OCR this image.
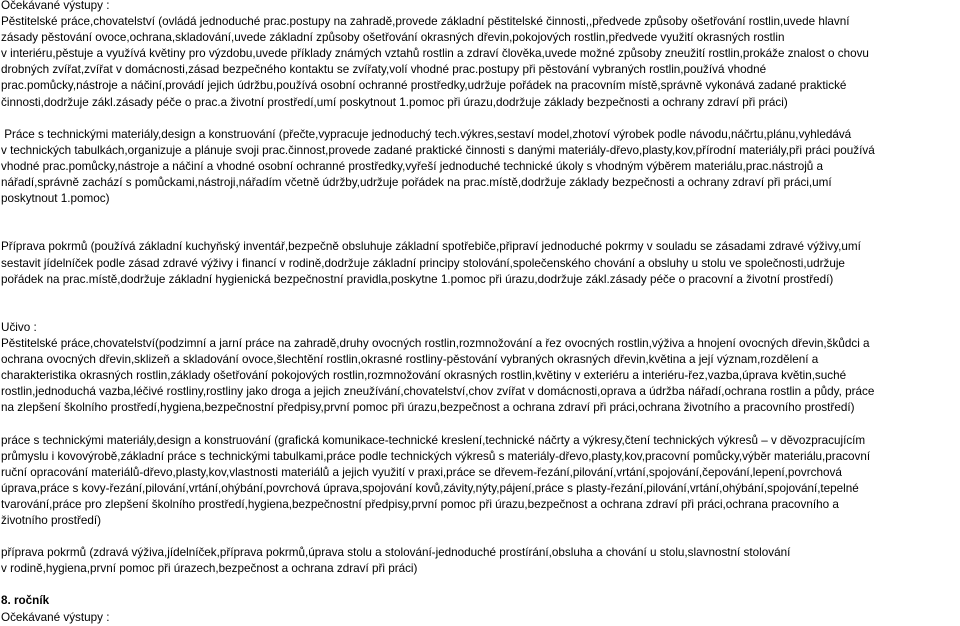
Očekávané výstupy :
Pěstitelské práce,chovatelství (ovládá jednoduché prac.postupy na zahradě,provede základní pěstitelské činnosti,,předvede způsoby ošetřování rostlin,uvede hlavní
zásady pěstování ovoce,ochrana,skladování,uvede základní způsoby ošetřování okrasných dřevin,pokojových rostlin,předvede využití okrasných rostlin
v interiéru,pěstuje a využívá květiny pro výzdobu,uvede příklady známých vztahů rostlin a zdraví člověka,uvede možné způsoby zneužití rostlin,prokáže znalost o chovu
drobných zvířat,zvířat v domácnosti,zásad bezpečného kontaktu se zvířaty,volí vhodné prac.postupy při pěstování vybraných rostlin,používá vhodné
prac.pomůcky,nástroje a náčiní,provádí jejich údržbu,používá osobní ochranné prostředky,udržuje pořádek na pracovním místě,správně vykonává zadané praktické
činnosti,dodržuje zákl.zásady péče o prac.a životní prostředí,umí poskytnout 1.pomoc při úrazu,dodržuje základy bezpečnosti a ochrany zdraví při práci)
Práce s technickými materiály,design a konstruování (přečte,vypracuje jednoduchý tech.výkres,sestaví model,zhotoví výrobek podle návodu,náčrtu,plánu,vyhledává
v technických tabulkách,organizuje a plánuje svoji prac.činnost,provede zadané praktické činnosti s danými materiály-dřevo,plasty,kov,přírodní materiály,při práci používá
vhodné prac.pomůcky,nástroje a náčiní a vhodné osobní ochranné prostředky,vyřeší jednoduché technické úkoly s vhodným výběrem materiálu,prac.nástrojů a
nářadí,správně zachází s pomůckami,nástroji,nářadím včetně údržby,udržuje pořádek na prac.místě,dodržuje základy bezpečnosti a ochrany zdraví při práci,umí
poskytnout 1.pomoc)
Příprava pokrmů (používá základní kuchyňský inventář,bezpečně obsluhuje základní spotřebiče,připraví jednoduché pokrmy v souladu se zásadami zdravé výživy,umí
sestavit jídelníček podle zásad zdravé výživy i financí v rodině,dodržuje základní principy stolování,společenského chování a obsluhy u stolu ve společnosti,udržuje
pořádek na prac.místě,dodržuje základní hygienická bezpečnostní pravidla,poskytne 1.pomoc při úrazu,dodržuje zákl.zásady péče o pracovní a životní prostředí)
Učivo :
Pěstitelské práce,chovatelství(podzimní a jarní práce na zahradě,druhy ovocných rostlin,rozmnožování a řez ovocných rostlin,výživa a hnojení ovocných dřevin,škůdci a
ochrana ovocných dřevin,sklizeň a skladování ovoce,šlechtění rostlin,okrasné rostliny-pěstování vybraných okrasných dřevin,květina a její význam,rozdělení a
charakteristika okrasných rostlin,základy ošetřování pokojových rostlin,rozmnožování okrasných rostlin,květiny v exteriéru a interiéru-řez,vazba,úprava květin,suché
rostlin,jednoduchá vazba,léčivé rostliny,rostliny jako droga a jejich zneužívání,chovatelství,chov zvířat v domácnosti,oprava a údržba nářadí,ochrana rostlin a půdy, práce
na zlepšení školního prostředí,hygiena,bezpečnostní předpisy,první pomoc při úrazu,bezpečnost a ochrana zdraví při práci,ochrana životního a pracovního prostředí)
práce s technickými materiály,design a konstruování (grafická komunikace-technické kreslení,technické náčrty a výkresy,čtení technických výkresů – v děvozpracujícím
průmyslu i kovovýrobě,základní práce s technickými tabulkami,práce podle technických výkresů s materiály-dřevo,plasty,kov,pracovní pomůcky,výběr materiálu,pracovní
ruční opracování materiálů-dřevo,plasty,kov,vlastnosti materiálů a jejich využití v praxi,práce se dřevem-řezání,pilování,vrtání,spojování,čepování,lepení,povrchová
úprava,práce s kovy-řezání,pilování,vrtání,ohýbání,povrchová úprava,spojování kovů,závity,nýty,pájení,práce s plasty-řezání,pilování,vrtání,ohýbání,spojování,tepelné
tvarování,práce pro zlepšení školního prostředí,hygiena,bezpečnostní předpisy,první pomoc při úrazu,bezpečnost a ochrana zdraví při práci,ochrana pracovního a
životního prostředí)
příprava pokrmů (zdravá výživa,jídelníček,příprava pokrmů,úprava stolu a stolování-jednoduché prostírání,obsluha a chování u stolu,slavnostní stolování
v rodině,hygiena,první pomoc při úrazech,bezpečnost a ochrana zdraví při práci)
8. ročník
Očekávané výstupy :
